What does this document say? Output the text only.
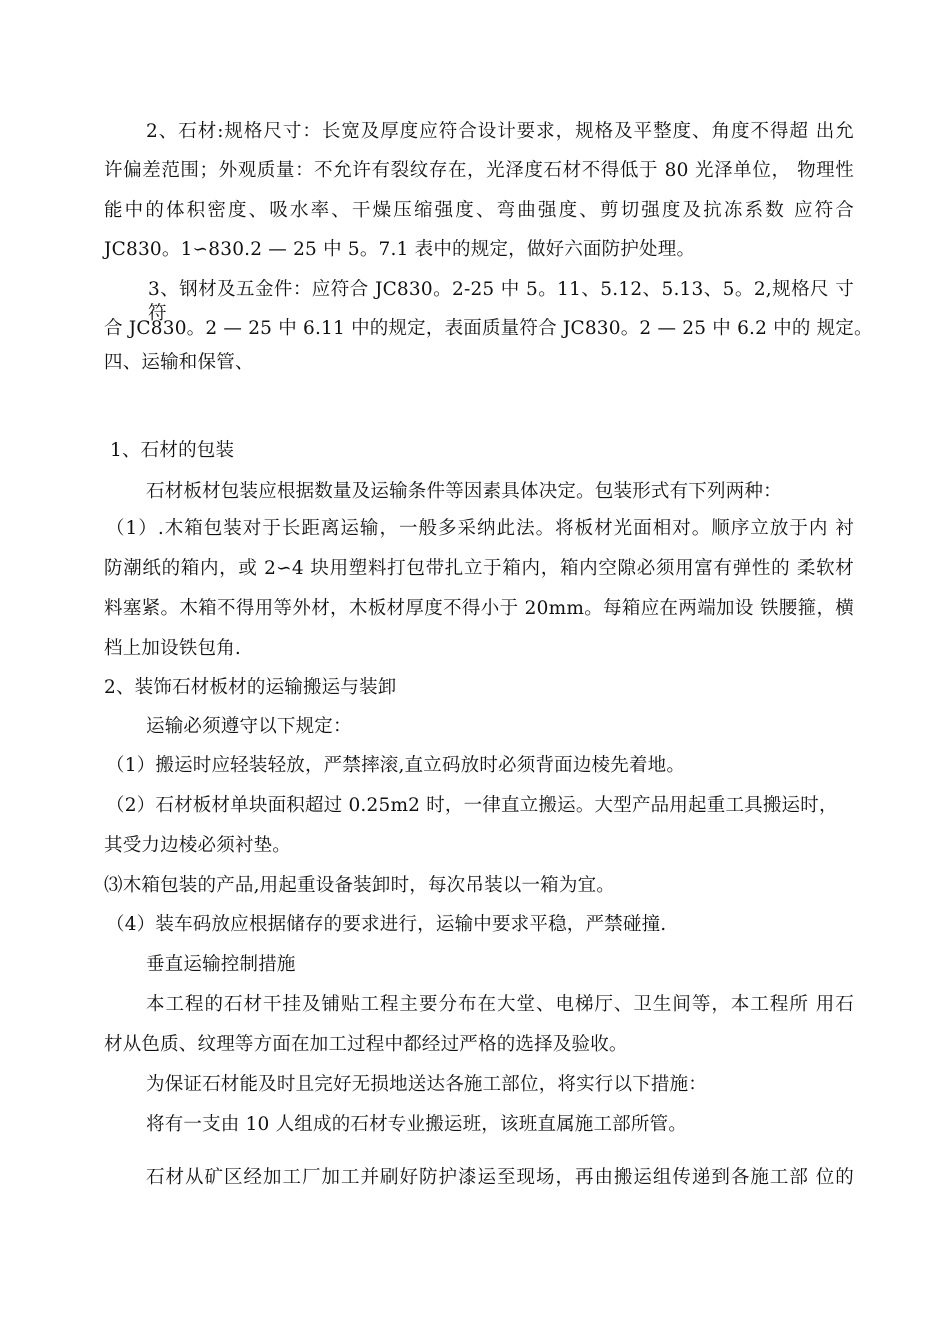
2、石材:规格尺寸：长宽及厚度应符合设计要求，规格及平整度、角度不得超 出允
许偏差范围；外观质量：不允许有裂纹存在，光泽度石材不得低于 80 光泽单位， 物理性
能中的体积密度、吸水率、干燥压缩强度、弯曲强度、剪切强度及抗冻系数 应符合
JC830。1∽830.2 — 25 中 5。7.1 表中的规定，做好六面防护处理。
3、钢材及五金件：应符合 JC830。2-25 中 5。11、5.12、5.13、5。2,规格尺 寸符
合 JC830。2 — 25 中 6.11 中的规定，表面质量符合 JC830。2 — 25 中 6.2 中的 规定。
四、运输和保管、
1、石材的包装
石材板材包装应根据数量及运输条件等因素具体决定。包装形式有下列两种：
（1）.木箱包装对于长距离运输，一般多采纳此法。将板材光面相对。顺序立放于内 衬
防潮纸的箱内，或 2∽4 块用塑料打包带扎立于箱内，箱内空隙必须用富有弹性的 柔软材
料塞紧。木箱不得用等外材，木板材厚度不得小于 20mm。每箱应在两端加设 铁腰箍，横
档上加设铁包角.
2、装饰石材板材的运输搬运与装卸
运输必须遵守以下规定：
（1）搬运时应轻装轻放，严禁摔滚,直立码放时必须背面边棱先着地。
（2）石材板材单块面积超过 0.25m2 时，一律直立搬运。大型产品用起重工具搬运时，
其受力边棱必须衬垫。
⑶木箱包装的产品,用起重设备装卸时，每次吊装以一箱为宜。
（4）装车码放应根据储存的要求进行，运输中要求平稳，严禁碰撞.
垂直运输控制措施
本工程的石材干挂及铺贴工程主要分布在大堂、电梯厅、卫生间等，本工程所 用石
材从色质、纹理等方面在加工过程中都经过严格的选择及验收。
为保证石材能及时且完好无损地送达各施工部位，将实行以下措施：
将有一支由 10 人组成的石材专业搬运班，该班直属施工部所管。
石材从矿区经加工厂加工并刷好防护漆运至现场，再由搬运组传递到各施工部 位的
